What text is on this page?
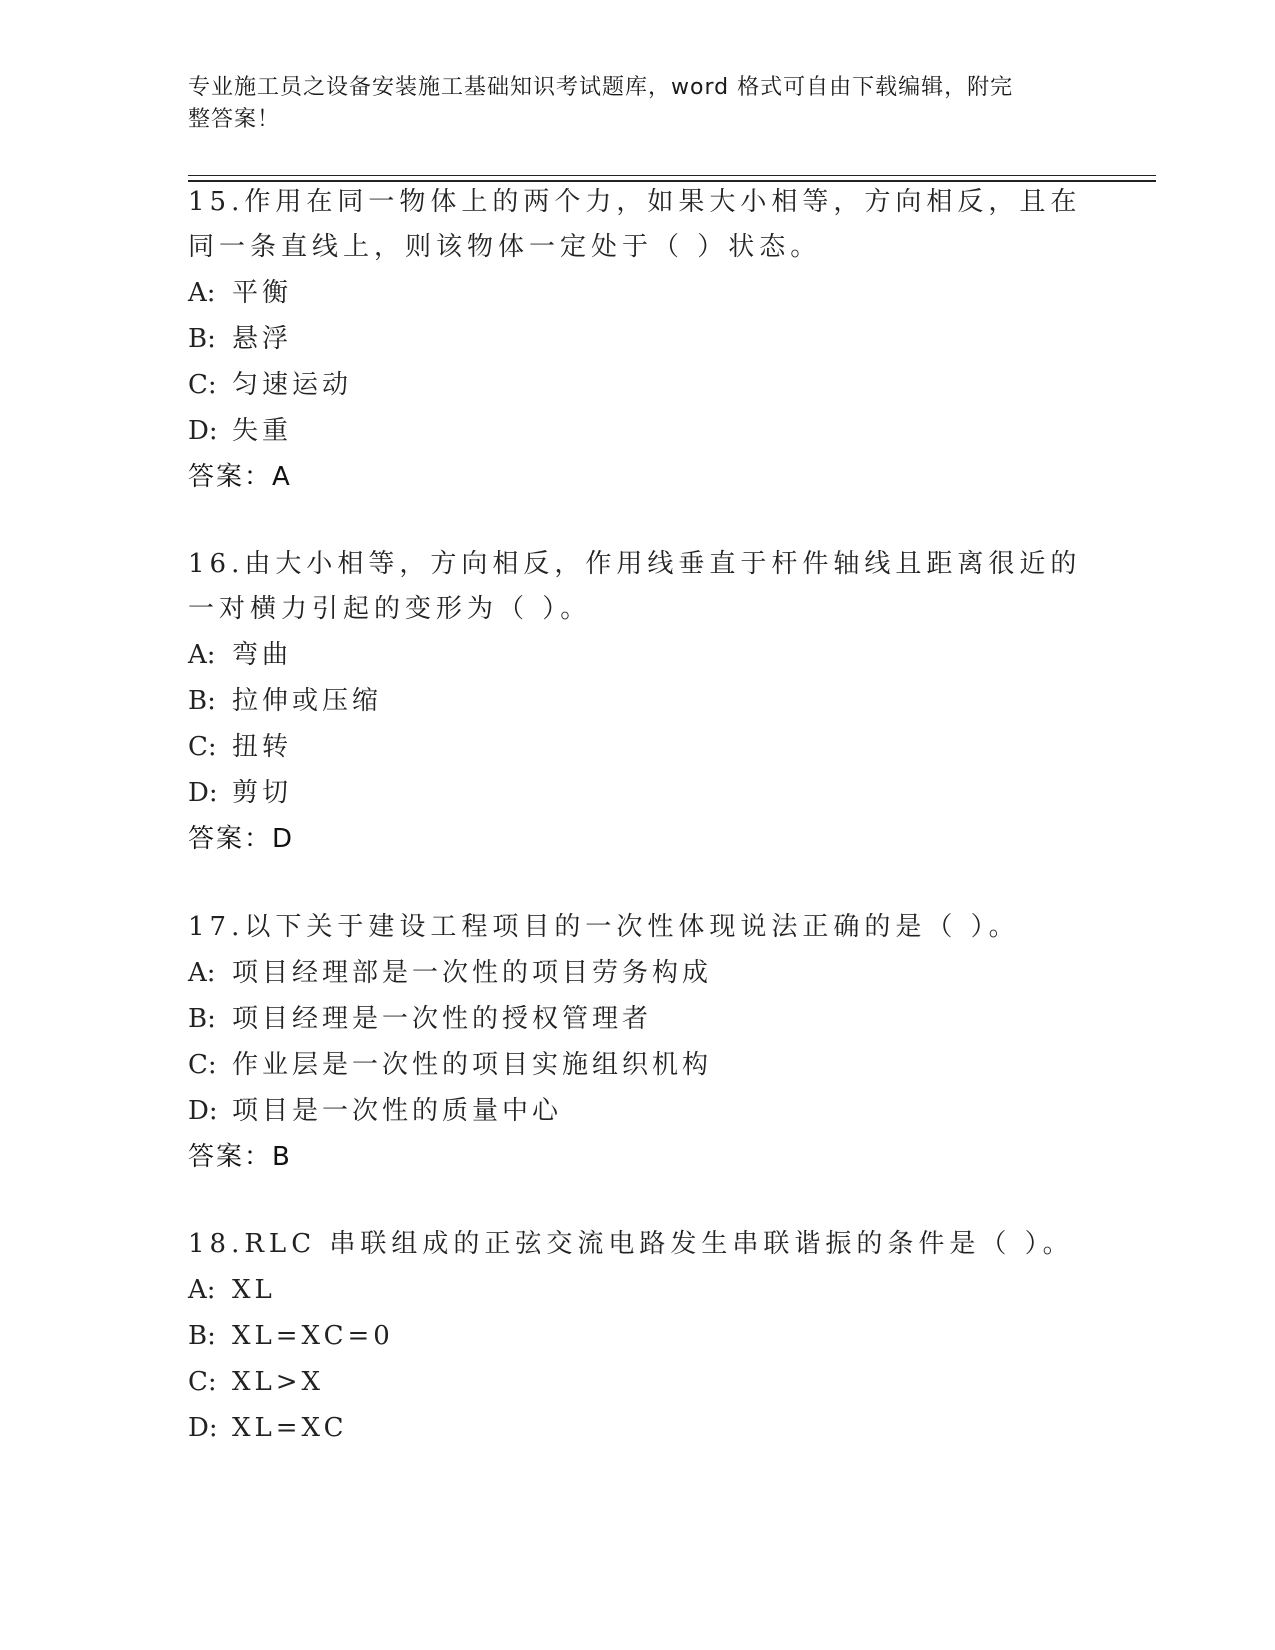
专业施工员之设备安装施工基础知识考试题库，word 格式可自由下载编辑，附完
整答案！

15.作用在同一物体上的两个力，如果大小相等，方向相反，且在同一条直线上，则该物体一定处于（ ）状态。

A: 平衡
B: 悬浮
C: 匀速运动
D: 失重
答案：A

16.由大小相等，方向相反，作用线垂直于杆件轴线且距离很近的一对横力引起的变形为（ ）。

A: 弯曲
B: 拉伸或压缩
C: 扭转
D: 剪切
答案：D

17.以下关于建设工程项目的一次性体现说法正确的是（ ）。

A: 项目经理部是一次性的项目劳务构成
B: 项目经理是一次性的授权管理者
C: 作业层是一次性的项目实施组织机构
D: 项目是一次性的质量中心
答案：B

18.RLC 串联组成的正弦交流电路发生串联谐振的条件是（ ）。

A: XL
B: XL=XC=0
C: XL>X
D: XL=XC
